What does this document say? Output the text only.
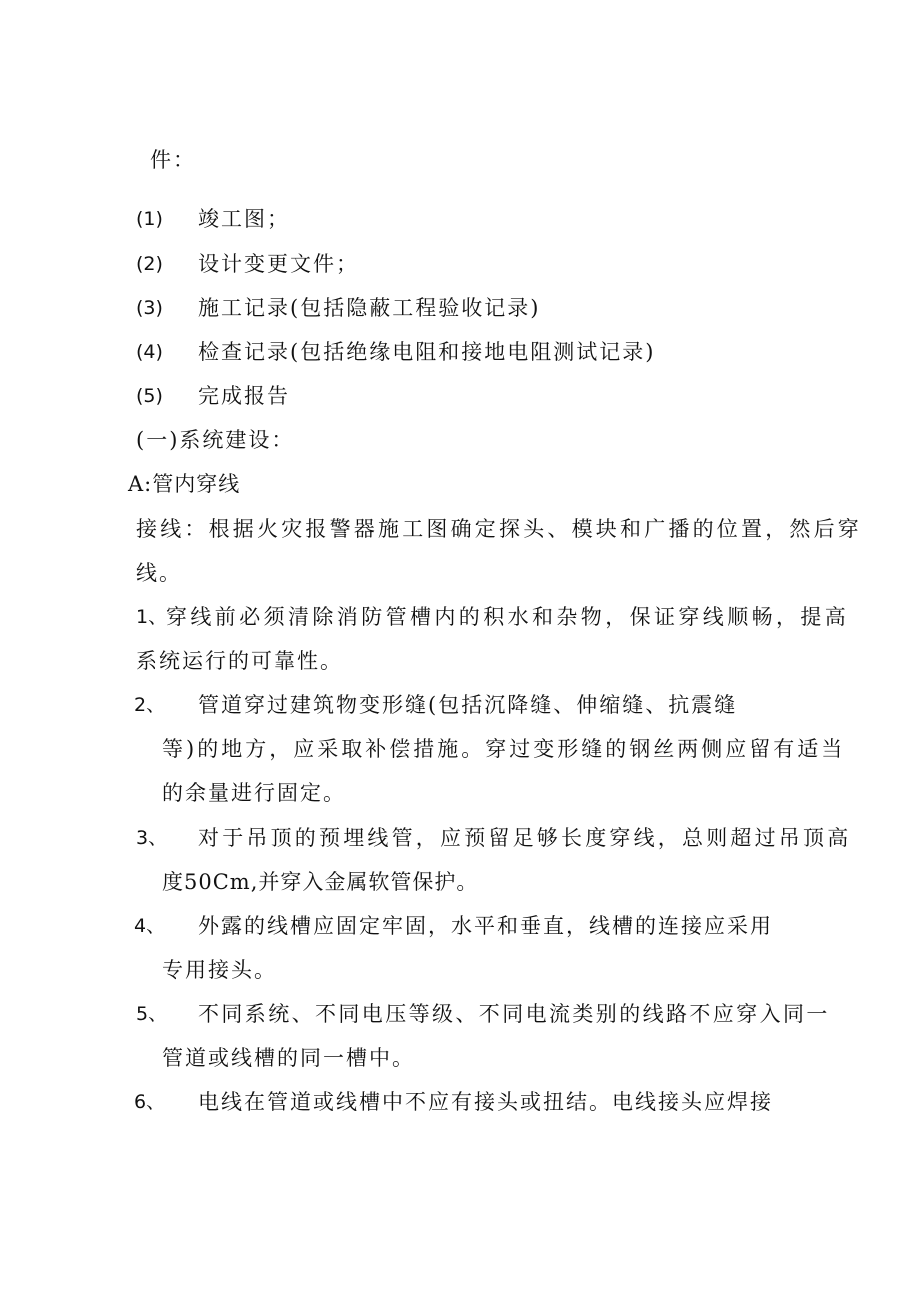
件：
(1) 竣工图；
(2) 设计变更文件；
(3) 施工记录(包括隐蔽工程验收记录)
(4) 检查记录(包括绝缘电阻和接地电阻测试记录)
(5) 完成报告
(一)系统建设：
A:管内穿线
接线：根据火灾报警器施工图确定探头、模块和广播的位置，然后穿
线。
1、
穿线前必须清除消防管槽内的积水和杂物，保证穿线顺畅，提高
系统运行的可靠性。
2、 管道穿过建筑物变形缝(包括沉降缝、伸缩缝、抗震缝
等)的地方，应采取补偿措施。穿过变形缝的钢丝两侧应留有适当
的余量进行固定。
3、 对于吊顶的预埋线管，应预留足够长度穿线，总则超过吊顶高
度50Cm,并穿入金属软管保护。
4、 外露的线槽应固定牢固，水平和垂直，线槽的连接应采用
专用接头。
5、 不同系统、不同电压等级、不同电流类别的线路不应穿入同一
管道或线槽的同一槽中。
6、 电线在管道或线槽中不应有接头或扭结。电线接头应焊接
